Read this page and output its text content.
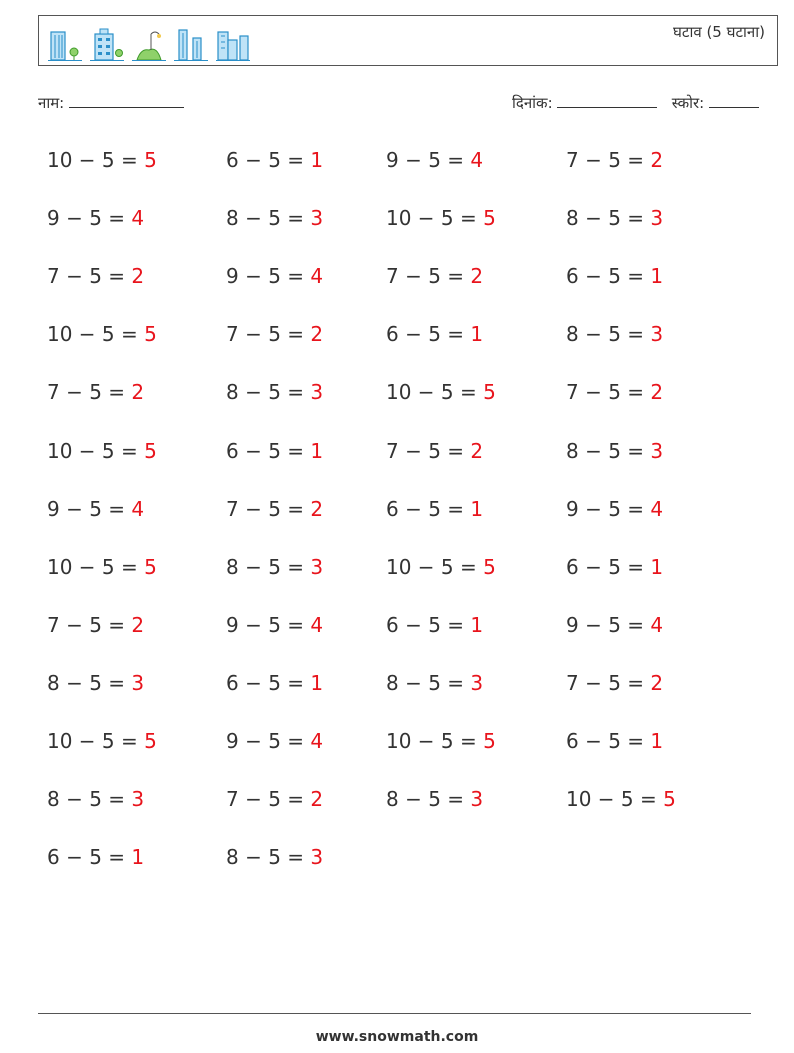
घटाव (5 घटाना)
नाम:	दिनांक:	स्कोर:
10 − 5 = 5	6 − 5 = 1	9 − 5 = 4	7 − 5 = 2
9 − 5 = 4	8 − 5 = 3	10 − 5 = 5	8 − 5 = 3
7 − 5 = 2	9 − 5 = 4	7 − 5 = 2	6 − 5 = 1
10 − 5 = 5	7 − 5 = 2	6 − 5 = 1	8 − 5 = 3
7 − 5 = 2	8 − 5 = 3	10 − 5 = 5	7 − 5 = 2
10 − 5 = 5	6 − 5 = 1	7 − 5 = 2	8 − 5 = 3
9 − 5 = 4	7 − 5 = 2	6 − 5 = 1	9 − 5 = 4
10 − 5 = 5	8 − 5 = 3	10 − 5 = 5	6 − 5 = 1
7 − 5 = 2	9 − 5 = 4	6 − 5 = 1	9 − 5 = 4
8 − 5 = 3	6 − 5 = 1	8 − 5 = 3	7 − 5 = 2
10 − 5 = 5	9 − 5 = 4	10 − 5 = 5	6 − 5 = 1
8 − 5 = 3	7 − 5 = 2	8 − 5 = 3	10 − 5 = 5
6 − 5 = 1	8 − 5 = 3
www.snowmath.com
